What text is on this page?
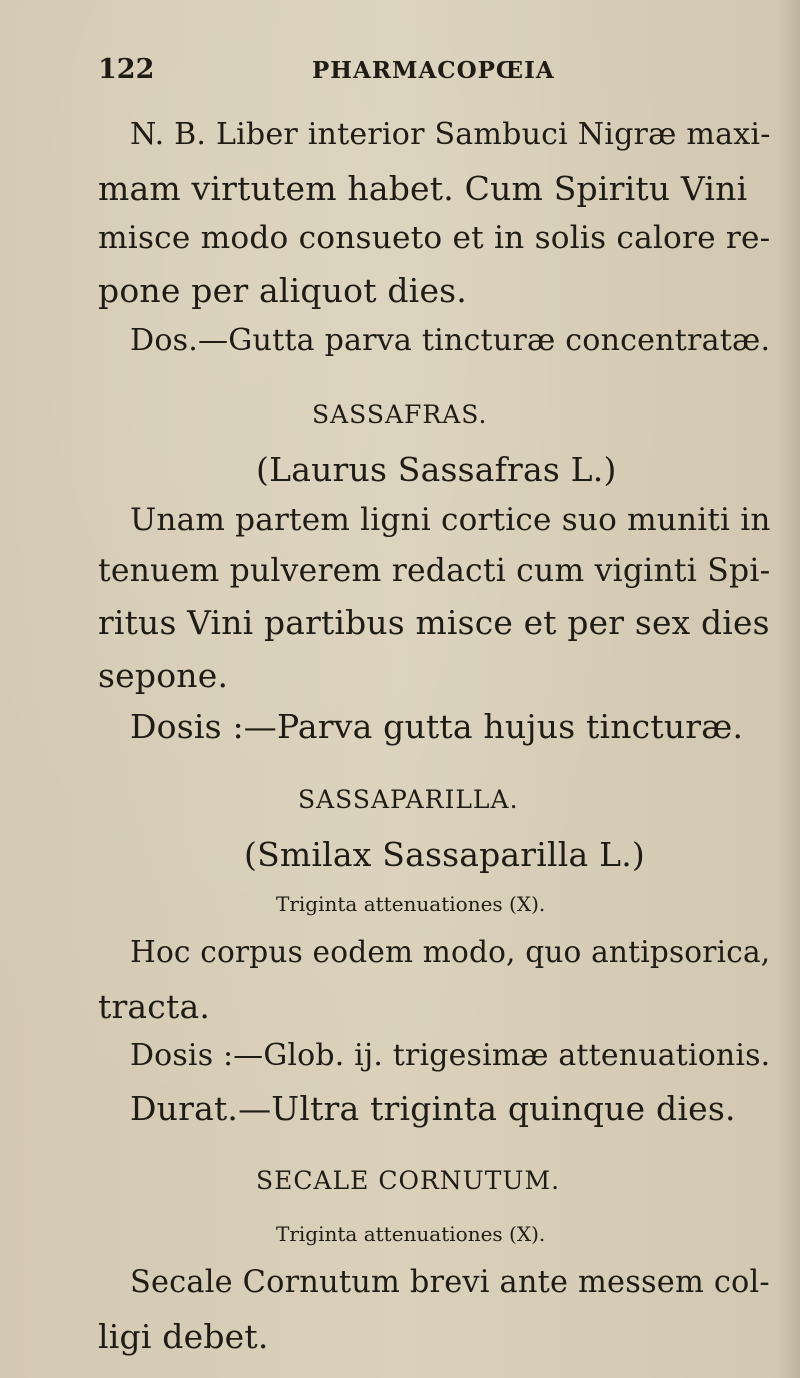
122	PHARMACOPŒIA

N. B. Liber interior Sambuci Nigræ maxi-

mam virtutem habet. Cum Spiritu Vini

misce modo consueto et in solis calore re-

pone per aliquot dies.

Dos.—Gutta parva tincturæ concentratæ.

SASSAFRAS.

(Laurus Sassafras L.)

Unam partem ligni cortice suo muniti in

tenuem pulverem redacti cum viginti Spi-

ritus Vini partibus misce et per sex dies

sepone.

Dosis :—Parva gutta hujus tincturæ.

SASSAPARILLA.

(Smilax Sassaparilla L.)

Triginta attenuationes (X).

Hoc corpus eodem modo, quo antipsorica,

tracta.

Dosis :—Glob. ij. trigesimæ attenuationis.

Durat.—Ultra triginta quinque dies.

SECALE CORNUTUM.

Triginta attenuationes (X).

Secale Cornutum brevi ante messem col-

ligi debet.
